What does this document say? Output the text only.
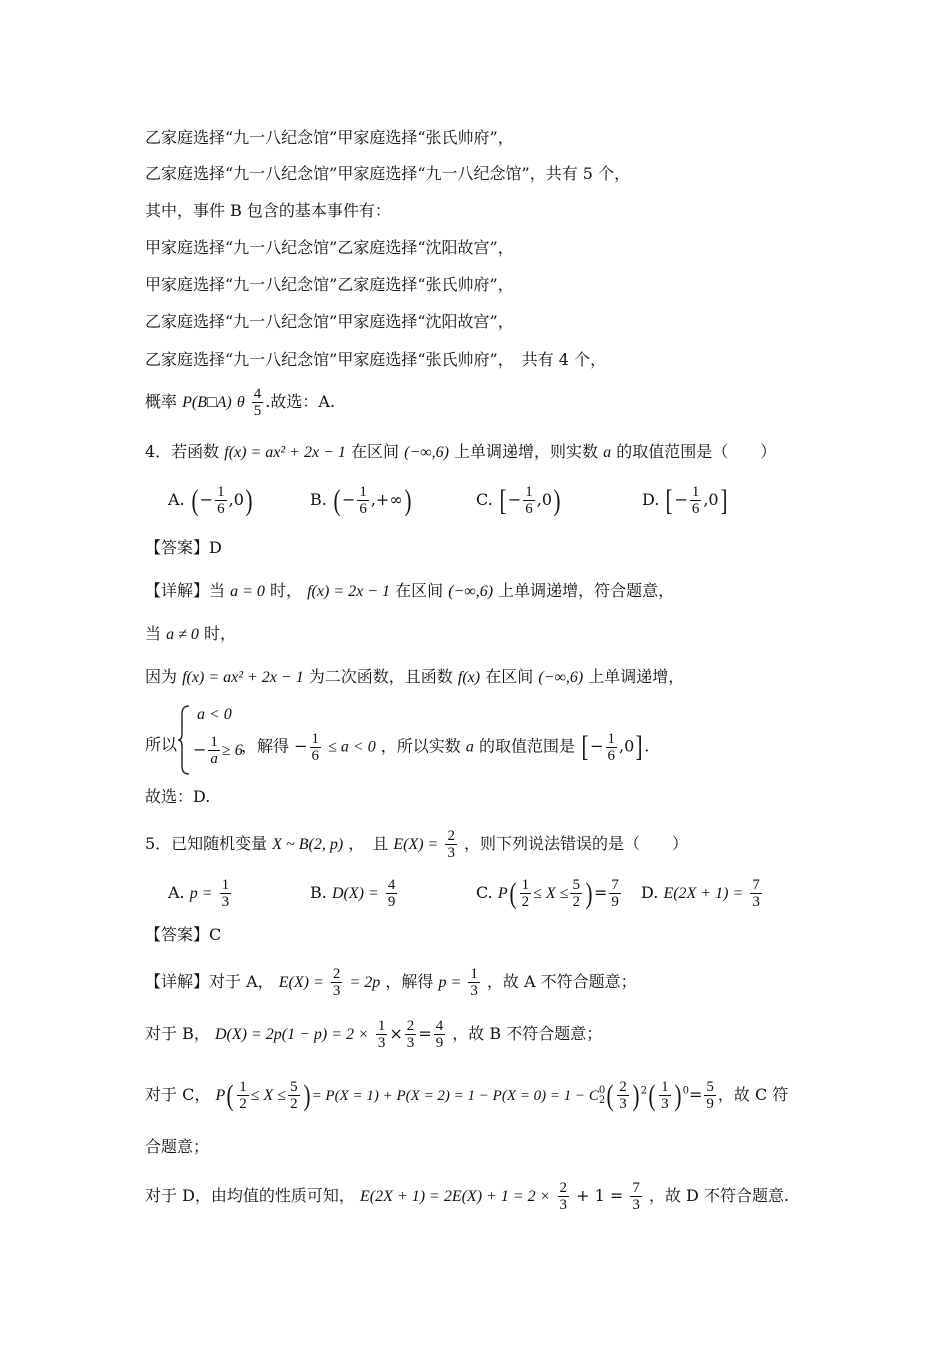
乙家庭选择“九一八纪念馆”甲家庭选择“张氏帅府”，
乙家庭选择“九一八纪念馆”甲家庭选择“九一八纪念馆”，共有 5 个，
其中，事件 B 包含的基本事件有：
甲家庭选择“九一八纪念馆”乙家庭选择“沈阳故宫”，
甲家庭选择“九一八纪念馆”乙家庭选择“张氏帅府”，
乙家庭选择“九一八纪念馆”甲家庭选择“沈阳故宫”，
乙家庭选择“九一八纪念馆”甲家庭选择“张氏帅府”，　共有 4 个，
概率 P(B□A) θ $\frac{4}{5}$ .故选：A.
4．若函数 f(x) = ax² + 2x − 1 在区间 (−∞,6) 上单调递增，则实数 a 的取值范围是（　　）
A. (− $\frac{1}{6} ,0$)	B. (− $\frac{1}{6}$ ,+∞)	C. [− $\frac{1}{6} ,0$)	D. [− $\frac{1}{6} ,0$]
【答案】D
【详解】当 a = 0 时， f(x) = 2x − 1 在区间 (−∞,6) 上单调递增，符合题意，
当 a ≠ 0 时，
因为 f(x) = ax² + 2x − 1 为二次函数，且函数 f(x) 在区间 (−∞,6) 上单调递增，
所以
a < 0
− $\frac{1}{a} \ge 6$
，解得 − $\frac{1}{6} \le a < 0$ ，所以实数 a 的取值范围是 [− $\frac{1}{6} ,0$].
故选：D.
5．已知随机变量 X ~ B(2, p) ，　且 $E(X) = \frac{2}{3}$ ，则下列说法错误的是（　　）
A. $p = \frac{1}{3}$	B. $D(X) = \frac{4}{9}$	C. $P( \frac{1}{2} \le X \le \frac{5}{2}$ )= $\frac{7}{9} D$. $E(2X + 1) = \frac{7}{3}$
【答案】C
【详解】对于 A， $E(X) = \frac{2}{3} = 2p$ ，解得 $p = \frac{1}{3}$ ，故 A 不符合题意；
对于 B， $D(X) = 2p(1 - p) = 2 \times \frac{1}{3} \times \frac{2}{3} = \frac{4}{9}$ ，故 B 不符合题意；
对于 C， $P( \frac{1}{2} \le X \le \frac{5}{2}$ ) = P(X = 1) + P(X = 2) = 1 − P(X = 0) = 1 − C 0
2 ( $\frac{2}{3}$ ) $^2( \frac{1}{3}$ ) $^0= \frac{5}{9}$ ，故 C 符
合题意；
对于 D，由均值的性质可知， $E(2X + 1) = 2E(X) + 1 = 2 \times \frac{2}{3} + 1 = \frac{7}{3}$ ，故 D 不符合题意.
